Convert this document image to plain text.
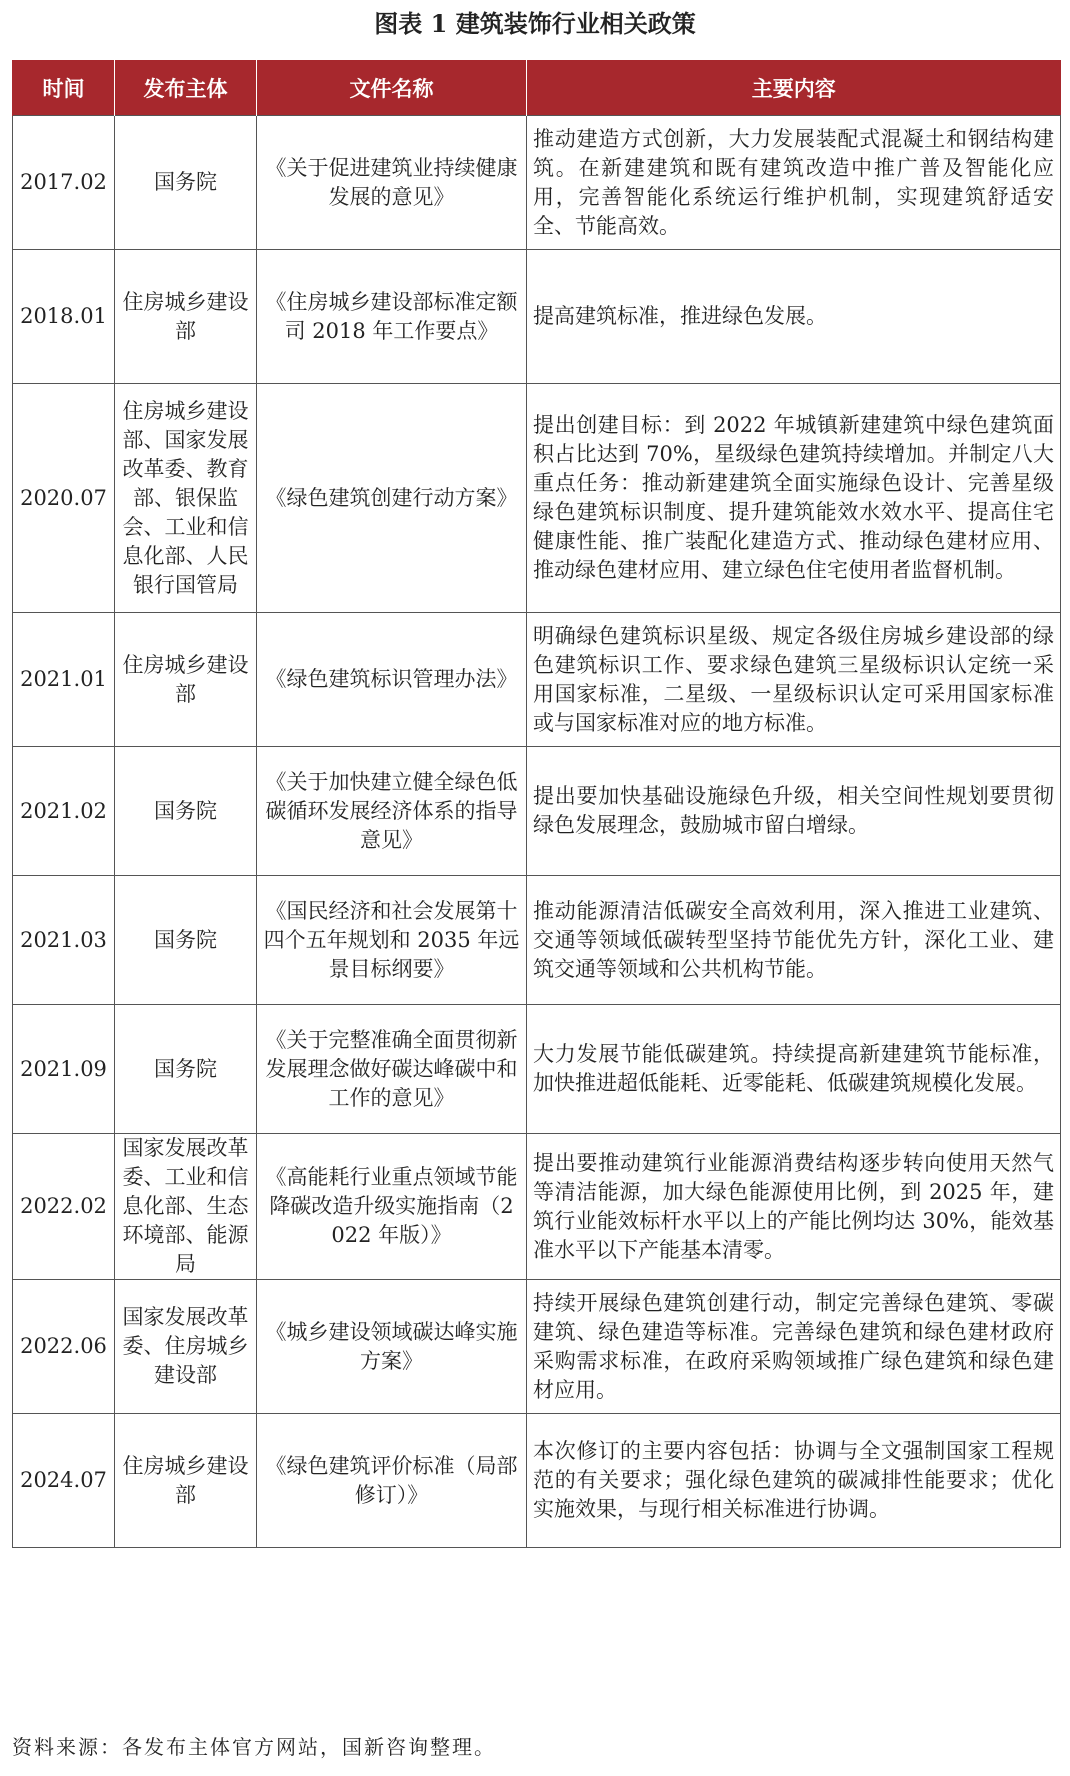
图表 1 建筑装饰行业相关政策
时间	发布主体	文件名称	主要内容
2017.02	国务院	《关于促进建筑业持续健康发展的意见》	推动建造方式创新，大力发展装配式混凝土和钢结构建筑。在新建建筑和既有建筑改造中推广普及智能化应用，完善智能化系统运行维护机制，实现建筑舒适安全、节能高效。
2018.01	住房城乡建设部	《住房城乡建设部标准定额司 2018 年工作要点》	提高建筑标准，推进绿色发展。
2020.07	住房城乡建设部、国家发展改革委、教育部、银保监会、工业和信息化部、人民银行国管局	《绿色建筑创建行动方案》	提出创建目标：到 2022 年城镇新建建筑中绿色建筑面积占比达到 70%，星级绿色建筑持续增加。并制定八大重点任务：推动新建建筑全面实施绿色设计、完善星级绿色建筑标识制度、提升建筑能效水效水平、提高住宅健康性能、推广装配化建造方式、推动绿色建材应用、推动绿色建材应用、建立绿色住宅使用者监督机制。
2021.01	住房城乡建设部	《绿色建筑标识管理办法》	明确绿色建筑标识星级、规定各级住房城乡建设部的绿色建筑标识工作、要求绿色建筑三星级标识认定统一采用国家标准，二星级、一星级标识认定可采用国家标准或与国家标准对应的地方标准。
2021.02	国务院	《关于加快建立健全绿色低碳循环发展经济体系的指导意见》	提出要加快基础设施绿色升级，相关空间性规划要贯彻绿色发展理念，鼓励城市留白增绿。
2021.03	国务院	《国民经济和社会发展第十四个五年规划和 2035 年远景目标纲要》	推动能源清洁低碳安全高效利用，深入推进工业建筑、交通等领域低碳转型坚持节能优先方针，深化工业、建筑交通等领域和公共机构节能。
2021.09	国务院	《关于完整准确全面贯彻新发展理念做好碳达峰碳中和工作的意见》	大力发展节能低碳建筑。持续提高新建建筑节能标准，加快推进超低能耗、近零能耗、低碳建筑规模化发展。
2022.02	国家发展改革委、工业和信息化部、生态环境部、能源局	《高能耗行业重点领域节能降碳改造升级实施指南（2022 年版）》	提出要推动建筑行业能源消费结构逐步转向使用天然气等清洁能源，加大绿色能源使用比例，到 2025 年，建筑行业能效标杆水平以上的产能比例均达 30%，能效基准水平以下产能基本清零。
2022.06	国家发展改革委、住房城乡建设部	《城乡建设领域碳达峰实施方案》	持续开展绿色建筑创建行动，制定完善绿色建筑、零碳建筑、绿色建造等标准。完善绿色建筑和绿色建材政府采购需求标准，在政府采购领域推广绿色建筑和绿色建材应用。
2024.07	住房城乡建设部	《绿色建筑评价标准（局部修订）》	本次修订的主要内容包括：协调与全文强制国家工程规范的有关要求；强化绿色建筑的碳减排性能要求；优化实施效果，与现行相关标准进行协调。
资料来源：各发布主体官方网站，国新咨询整理。
